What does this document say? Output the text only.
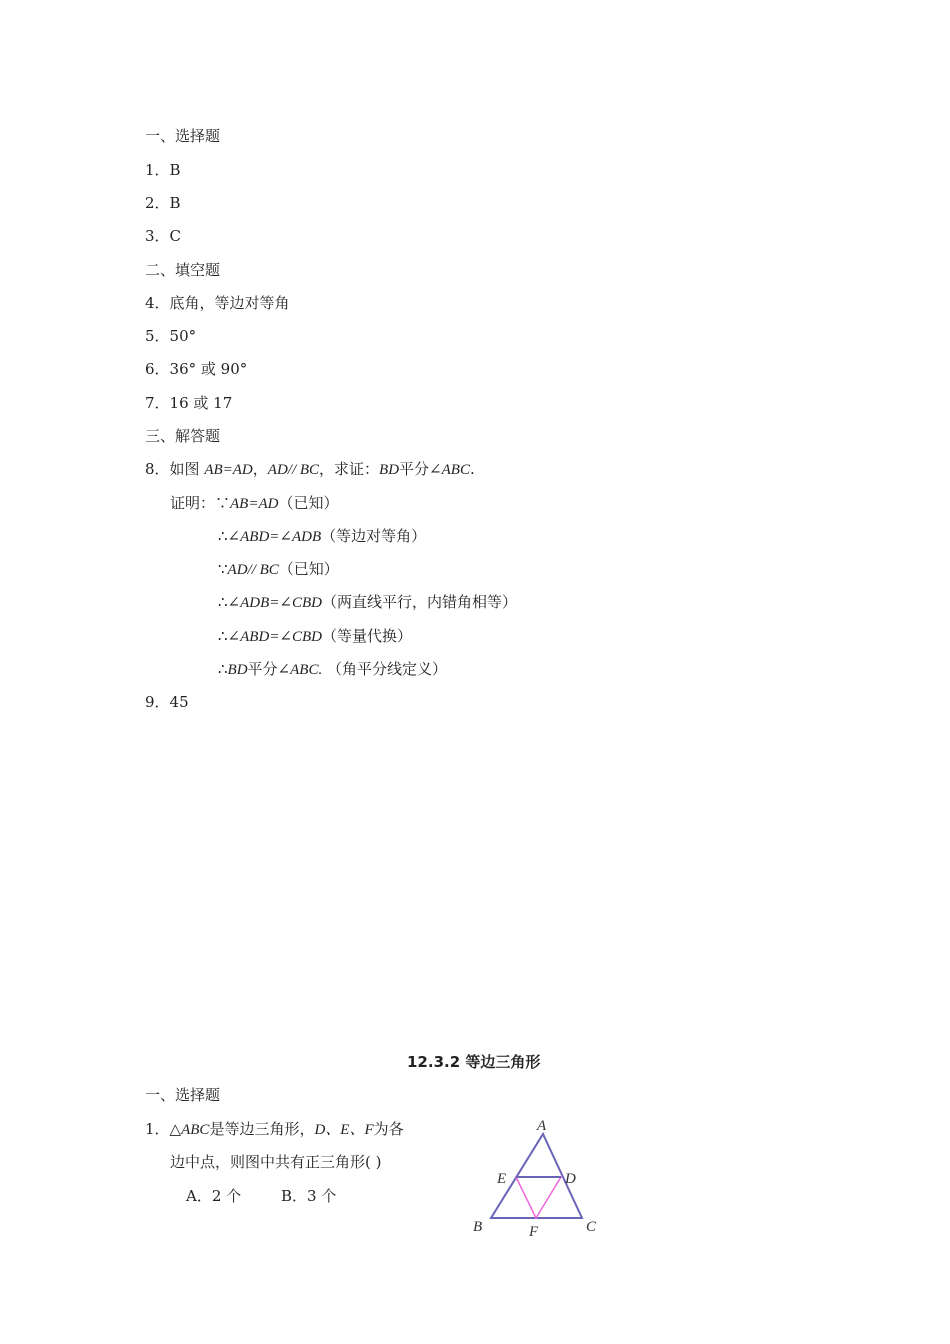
一、选择题
1．B
2．B
3．C
二、填空题
4．底角，等边对等角
5．50°
6．36° 或 90°
7．16 或 17
三、解答题
8．如图 AB=AD，AD// BC，求证：BD平分∠ABC.
证明：∵AB=AD（已知）
∴∠ABD=∠ADB（等边对等角）
∵AD// BC（已知）
∴∠ADB=∠CBD（两直线平行，内错角相等）
∴∠ABD=∠CBD（等量代换）
∴BD平分∠ABC. （角平分线定义）
9．45
12.3.2 等边三角形
一、选择题
1．△ABC是等边三角形，D、E、F为各
边中点，则图中共有正三角形( )
A．2 个	B．3 个
A
E	D
B	F	C
